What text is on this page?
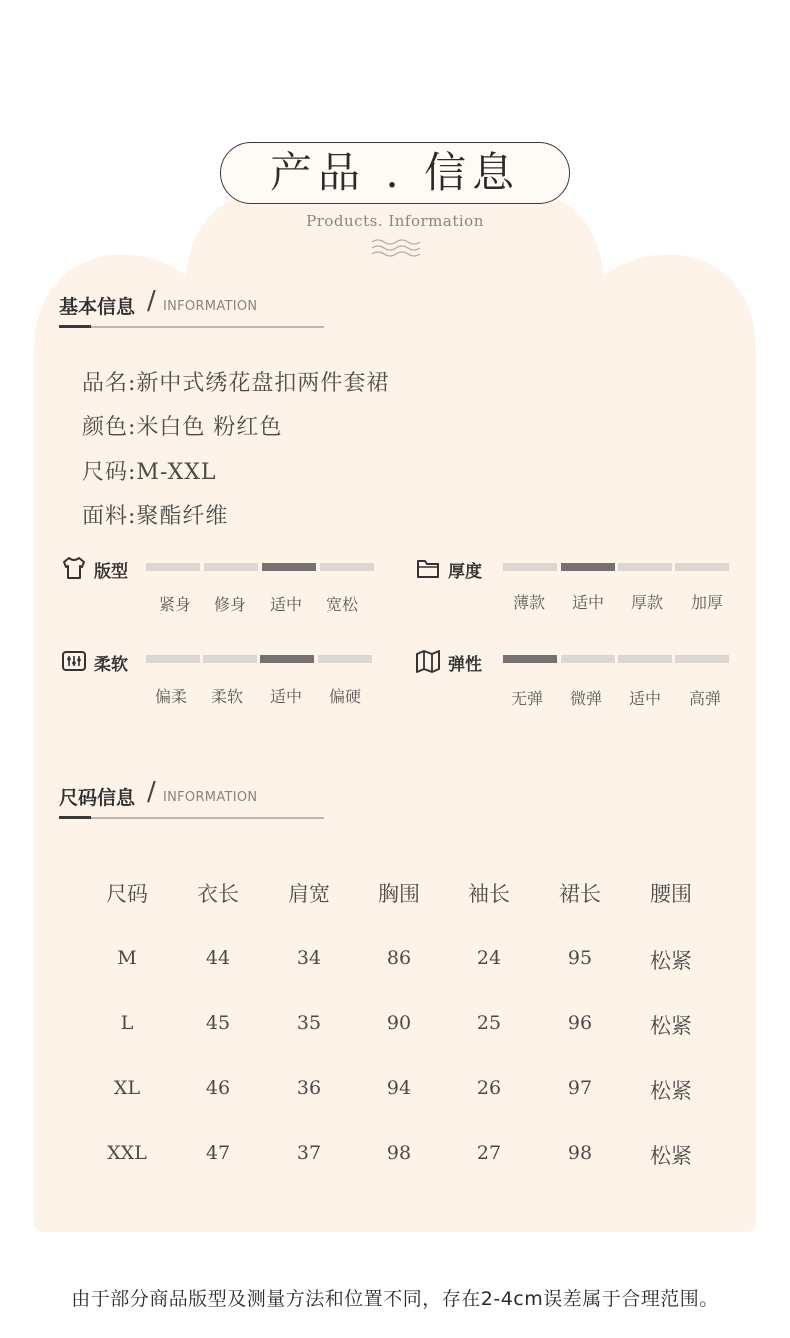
产品 . 信息
Products. Information
基本信息 / INFORMATION
品名:新中式绣花盘扣两件套裙
颜色:米白色 粉红色
尺码:M-XXL
面料:聚酯纤维
版型
紧身	修身	适中	宽松
厚度
薄款	适中	厚款	加厚
柔软
偏柔	柔软	适中	偏硬
弹性
无弹	微弹	适中	高弹
尺码信息 / INFORMATION
尺码	衣长	肩宽	胸围	袖长	裙长	腰围
M	44	34	86	24	95	松紧
L	45	35	90	25	96	松紧
XL	46	36	94	26	97	松紧
XXL	47	37	98	27	98	松紧
由于部分商品版型及测量方法和位置不同，存在2-4cm误差属于合理范围。
